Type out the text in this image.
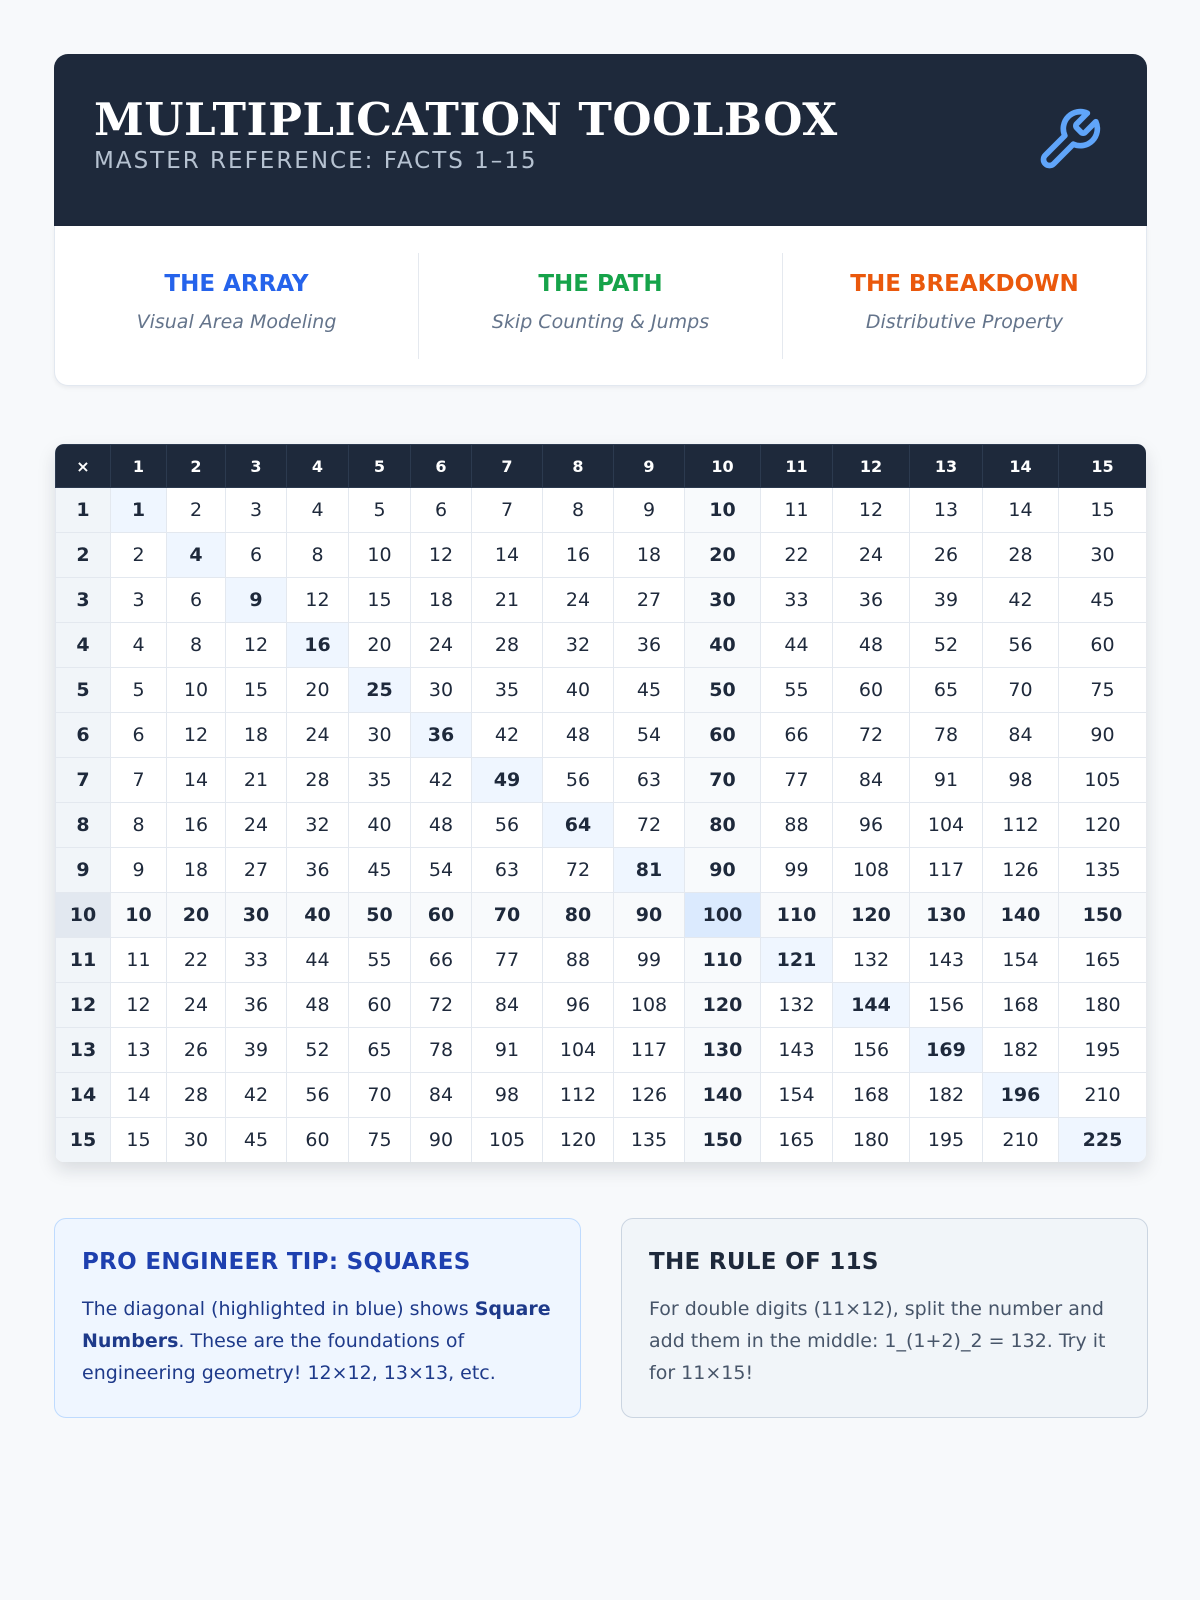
MULTIPLICATION TOOLBOX
MASTER REFERENCE: FACTS 1–15
THE ARRAY
Visual Area Modeling
THE PATH
Skip Counting & Jumps
THE BREAKDOWN
Distributive Property
×	1	2	3	4	5	6	7	8	9	10	11	12	13	14	15
1	1	2	3	4	5	6	7	8	9	10	11	12	13	14	15
2	2	4	6	8	10	12	14	16	18	20	22	24	26	28	30
3	3	6	9	12	15	18	21	24	27	30	33	36	39	42	45
4	4	8	12	16	20	24	28	32	36	40	44	48	52	56	60
5	5	10	15	20	25	30	35	40	45	50	55	60	65	70	75
6	6	12	18	24	30	36	42	48	54	60	66	72	78	84	90
7	7	14	21	28	35	42	49	56	63	70	77	84	91	98	105
8	8	16	24	32	40	48	56	64	72	80	88	96	104	112	120
9	9	18	27	36	45	54	63	72	81	90	99	108	117	126	135
10	10	20	30	40	50	60	70	80	90	100	110	120	130	140	150
11	11	22	33	44	55	66	77	88	99	110	121	132	143	154	165
12	12	24	36	48	60	72	84	96	108	120	132	144	156	168	180
13	13	26	39	52	65	78	91	104	117	130	143	156	169	182	195
14	14	28	42	56	70	84	98	112	126	140	154	168	182	196	210
15	15	30	45	60	75	90	105	120	135	150	165	180	195	210	225
PRO ENGINEER TIP: SQUARES
The diagonal (highlighted in blue) shows Square Numbers. These are the foundations of engineering geometry! 12×12, 13×13, etc.
THE RULE OF 11S
For double digits (11×12), split the number and add them in the middle: 1_(1+2)_2 = 132. Try it for 11×15!
